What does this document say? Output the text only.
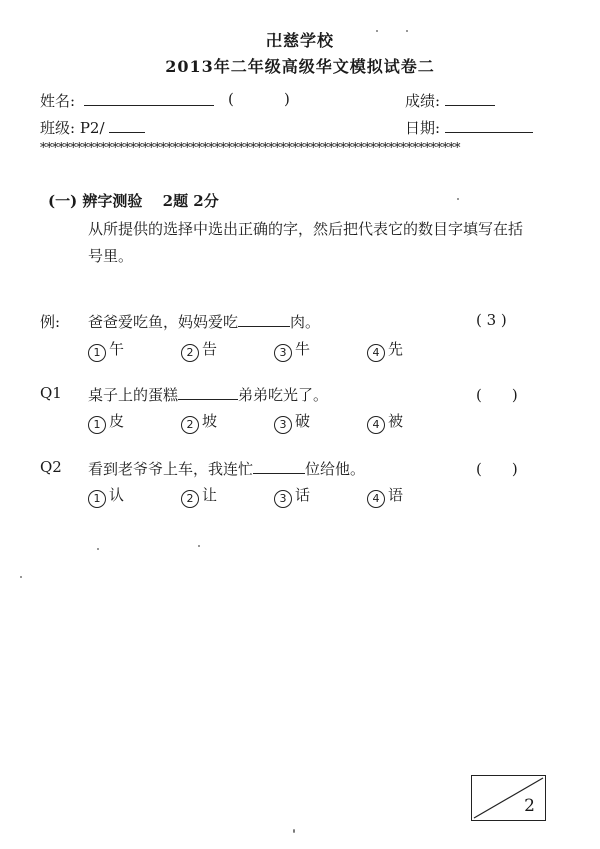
卍慈学校
2013年二年级高级华文模拟试卷二
姓名:	(	)	成绩:
班级: P2/	日期:
**********************************************************************
(一) 辨字测验　 2题 2分
从所提供的选择中选出正确的字，然后把代表它的数目字填写在括号里。
例: 爸爸爱吃鱼，妈妈爱吃	肉。	( 3 )
1 午	2 告	3 牛	4 先
Q1 桌子上的蛋糕	弟弟吃光了。	(　　)
1 皮	2 坡	3 破	4 被
Q2 看到老爷爷上车，我连忙	位给他。	(　　)
1 认	2 让	3 话	4 语
2
